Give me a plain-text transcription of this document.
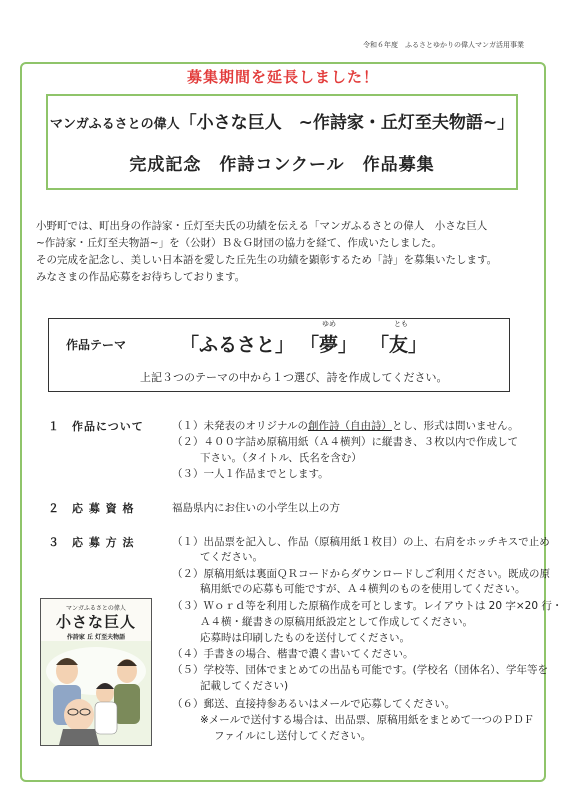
令和６年度　ふるさとゆかりの偉人マンガ活用事業
募集期間を延長しました！
マンガふるさとの偉人「小さな巨人　~作詩家・丘灯至夫物語~」
完成記念　作詩コンクール　作品募集
小野町では、町出身の作詩家・丘灯至夫氏の功績を伝える「マンガふるさとの偉人　小さな巨人
~作詩家・丘灯至夫物語~」を（公財）Ｂ＆Ｇ財団の協力を経て、作成いたしました。
その完成を記念し、美しい日本語を愛した丘先生の功績を顕彰するため「詩」を募集いたします。
みなさまの作品応募をお待ちしております。
作品テーマ	「ふるさと」
ゆめ
「夢」
とも
「友」
上記３つのテーマの中から１つ選び、詩を作成してください。
１ 作品について	（１）未発表のオリジナルの創作詩（自由詩）とし、形式は問いません。
（２）４００字詰め原稿用紙（Ａ４横判）に縦書き、３枚以内で作成して
下さい。（タイトル、氏名を含む）
（３）一人１作品までとします。
２ 応 募 資 格	福島県内にお住いの小学生以上の方
３ 応 募 方 法	（１）出品票を記入し、作品（原稿用紙１枚目）の上、右肩をホッチキスで止め
てください。
（２）原稿用紙は裏面ＱＲコードからダウンロードしご利用ください。既成の原
稿用紙での応募も可能ですが、Ａ４横判のものを使用してください。
（３）Ｗｏｒｄ等を利用した原稿作成を可とします。レイアウトは 20 字×20 行・
Ａ４横・縦書きの原稿用紙設定として作成してください。
応募時は印刷したものを送付してください。
（４）手書きの場合、楷書で濃く書いてください。
（５）学校等、団体でまとめての出品も可能です。(学校名（団体名）、学年等を
記載してください)
（６）郵送、直接持参あるいはメールで応募してください。
※メールで送付する場合は、出品票、原稿用紙をまとめて一つのＰＤＦ
ファイルにし送付してください。
マンガふるさとの偉人
小さな巨人
作詩家 丘 灯至夫物語
